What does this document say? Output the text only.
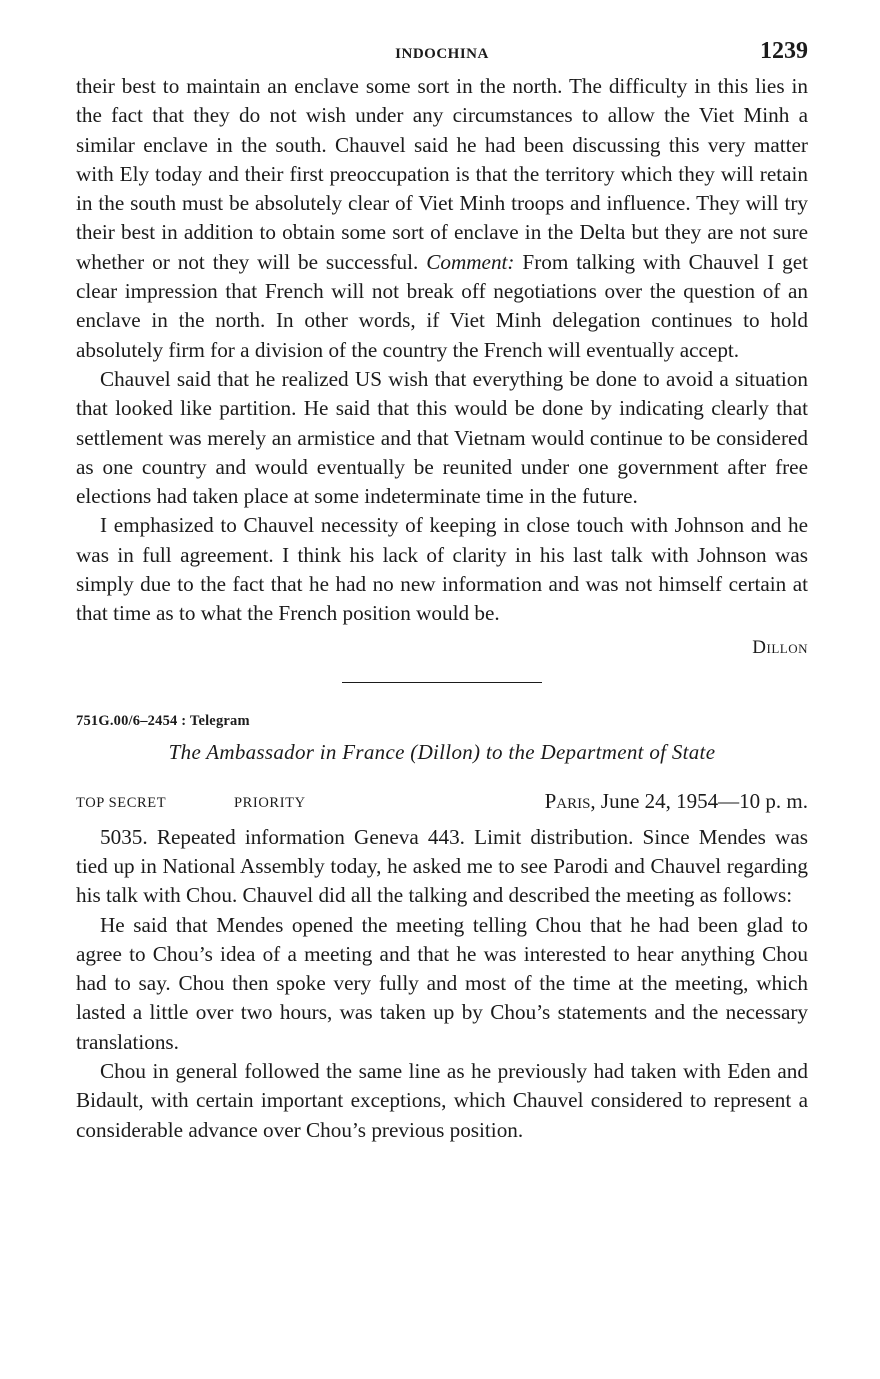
INDOCHINA	1239

their best to maintain an enclave some sort in the north. The difficulty in this lies in the fact that they do not wish under any circumstances to allow the Viet Minh a similar enclave in the south. Chauvel said he had been discussing this very matter with Ely today and their first preoccupation is that the territory which they will retain in the south must be absolutely clear of Viet Minh troops and influence. They will try their best in addition to obtain some sort of enclave in the Delta but they are not sure whether or not they will be successful. Comment: From talking with Chauvel I get clear impression that French will not break off negotiations over the question of an enclave in the north. In other words, if Viet Minh delegation continues to hold absolutely firm for a division of the country the French will eventually accept.

Chauvel said that he realized US wish that everything be done to avoid a situation that looked like partition. He said that this would be done by indicating clearly that settlement was merely an armistice and that Vietnam would continue to be considered as one country and would eventually be reunited under one government after free elections had taken place at some indeterminate time in the future.

I emphasized to Chauvel necessity of keeping in close touch with Johnson and he was in full agreement. I think his lack of clarity in his last talk with Johnson was simply due to the fact that he had no new information and was not himself certain at that time as to what the French position would be.

Dillon
751G.00/6–2454 : Telegram
The Ambassador in France (Dillon) to the Department of State
TOP SECRET	PRIORITY	Paris, June 24, 1954—10 p. m.

5035. Repeated information Geneva 443. Limit distribution. Since Mendes was tied up in National Assembly today, he asked me to see Parodi and Chauvel regarding his talk with Chou. Chauvel did all the talking and described the meeting as follows:

He said that Mendes opened the meeting telling Chou that he had been glad to agree to Chou’s idea of a meeting and that he was interested to hear anything Chou had to say. Chou then spoke very fully and most of the time at the meeting, which lasted a little over two hours, was taken up by Chou’s statements and the necessary translations.

Chou in general followed the same line as he previously had taken with Eden and Bidault, with certain important exceptions, which Chauvel considered to represent a considerable advance over Chou’s previous position.
